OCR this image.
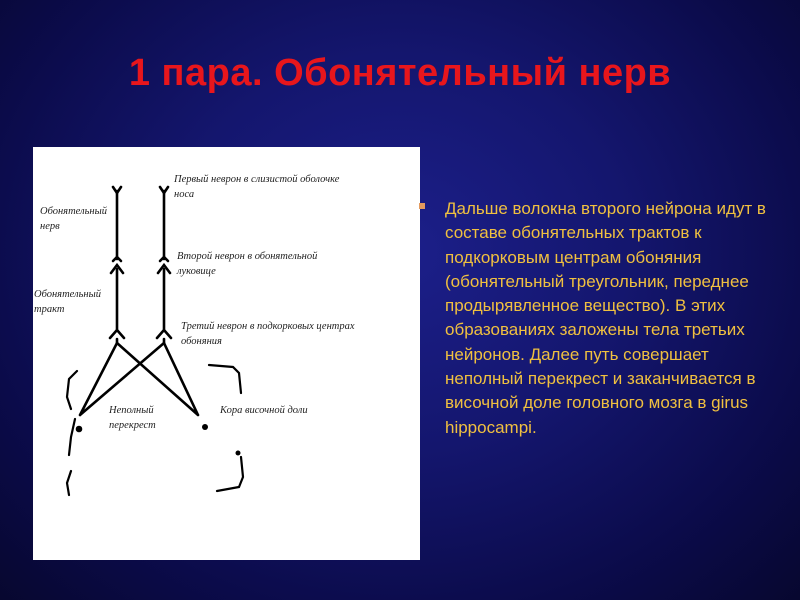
1 пара. Обонятельный нерв
Первый неврон в слизистой оболочке
носа
Обонятельный
нерв
Второй неврон в обонятельной
луковице
Обонятельный
тракт
Третий неврон в подкорковых центрах
обоняния
Неполный
перекрест
Кора височной доли
Дальше волокна второго нейрона идут в составе обонятельных трактов к подкорковым центрам обоняния (обонятельный треугольник, переднее продырявленное вещество). В этих образованиях заложены тела третьих нейронов. Далее путь совершает неполный перекрест и заканчивается в височной доле головного мозга в girus hippocampi.
